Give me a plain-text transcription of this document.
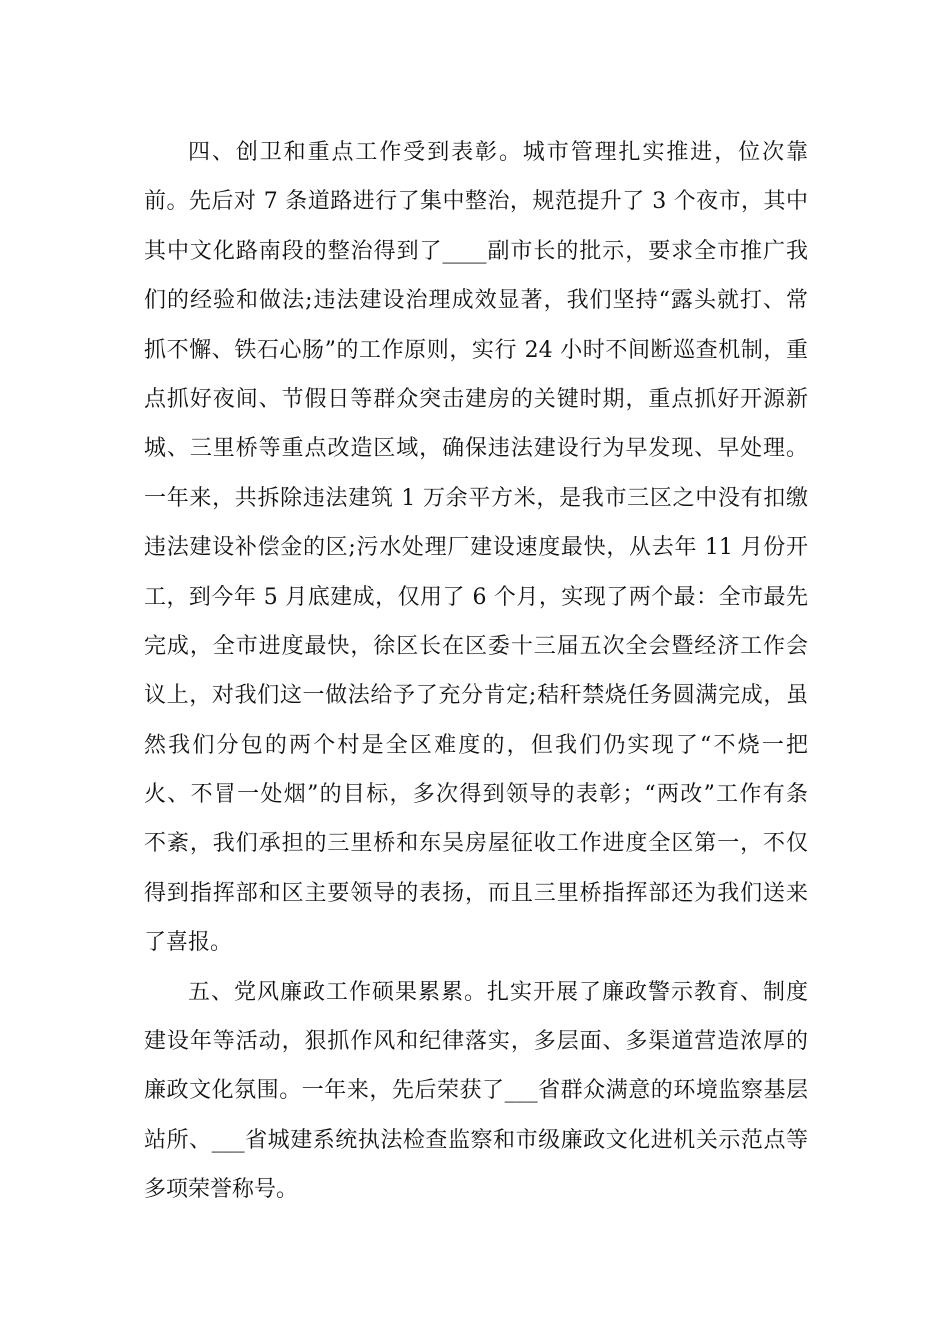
四、创卫和重点工作受到表彰。城市管理扎实推进，位次靠
前。先后对 7 条道路进行了集中整治，规范提升了 3 个夜市，其中
其中文化路南段的整治得到了____副市长的批示，要求全市推广我
们的经验和做法;违法建设治理成效显著，我们坚持“露头就打、常
抓不懈、铁石心肠”的工作原则，实行 24 小时不间断巡查机制，重
点抓好夜间、节假日等群众突击建房的关键时期，重点抓好开源新
城、三里桥等重点改造区域，确保违法建设行为早发现、早处理。
一年来，共拆除违法建筑 1 万余平方米，是我市三区之中没有扣缴
违法建设补偿金的区;污水处理厂建设速度最快，从去年 11 月份开
工，到今年 5 月底建成，仅用了 6 个月，实现了两个最：全市最先
完成，全市进度最快，徐区长在区委十三届五次全会暨经济工作会
议上，对我们这一做法给予了充分肯定;秸秆禁烧任务圆满完成，虽
然我们分包的两个村是全区难度的，但我们仍实现了“不烧一把
火、不冒一处烟”的目标，多次得到领导的表彰；“两改”工作有条
不紊，我们承担的三里桥和东吴房屋征收工作进度全区第一，不仅
得到指挥部和区主要领导的表扬，而且三里桥指挥部还为我们送来
了喜报。
五、党风廉政工作硕果累累。扎实开展了廉政警示教育、制度
建设年等活动，狠抓作风和纪律落实，多层面、多渠道营造浓厚的
廉政文化氛围。一年来，先后荣获了___省群众满意的环境监察基层
站所、___省城建系统执法检查监察和市级廉政文化进机关示范点等
多项荣誉称号。
